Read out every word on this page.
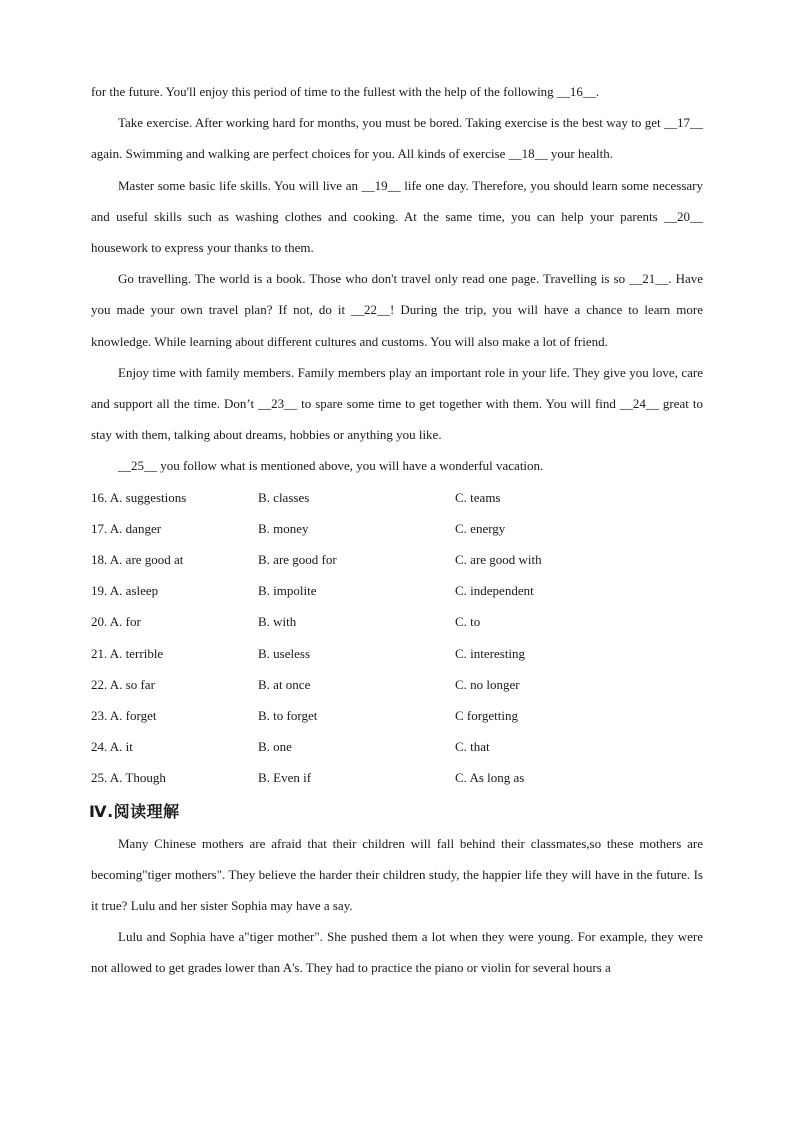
for the future. You'll enjoy this period of time to the fullest with the help of the following __16__.

Take exercise. After working hard for months, you must be bored. Taking exercise is the best way to get __17__ again. Swimming and walking are perfect choices for you. All kinds of exercise __18__ your health.

Master some basic life skills. You will live an __19__ life one day. Therefore, you should learn some necessary and useful skills such as washing clothes and cooking. At the same time, you can help your parents __20__ housework to express your thanks to them.

Go travelling. The world is a book. Those who don't travel only read one page. Travelling is so __21__. Have you made your own travel plan? If not, do it __22__! During the trip, you will have a chance to learn more knowledge. While learning about different cultures and customs. You will also make a lot of friend.

Enjoy time with family members. Family members play an important role in your life. They give you love, care and support all the time. Don’t __23__ to spare some time to get together with them. You will find __24__ great to stay with them, talking about dreams, hobbies or anything you like.

__25__ you follow what is mentioned above, you will have a wonderful vacation.

16. A. suggestions	B. classes	C. teams
17. A. danger	B. money	C. energy
18. A. are good at	B. are good for	C. are good with
19. A. asleep	B. impolite	C. independent
20. A. for	B. with	C. to
21. A. terrible	B. useless	C. interesting
22. A. so far	B. at once	C. no longer
23. A. forget	B. to forget	C forgetting
24. A. it	B. one	C. that
25. A. Though	B. Even if	C. As long as
Ⅳ.阅读理解

Many Chinese mothers are afraid that their children will fall behind their classmates,so these mothers are becoming"tiger mothers". They believe the harder their children study, the happier life they will have in the future. Is it true? Lulu and her sister Sophia may have a say.

Lulu and Sophia have a"tiger mother". She pushed them a lot when they were young. For example, they were not allowed to get grades lower than A's. They had to practice the piano or violin for several hours a
